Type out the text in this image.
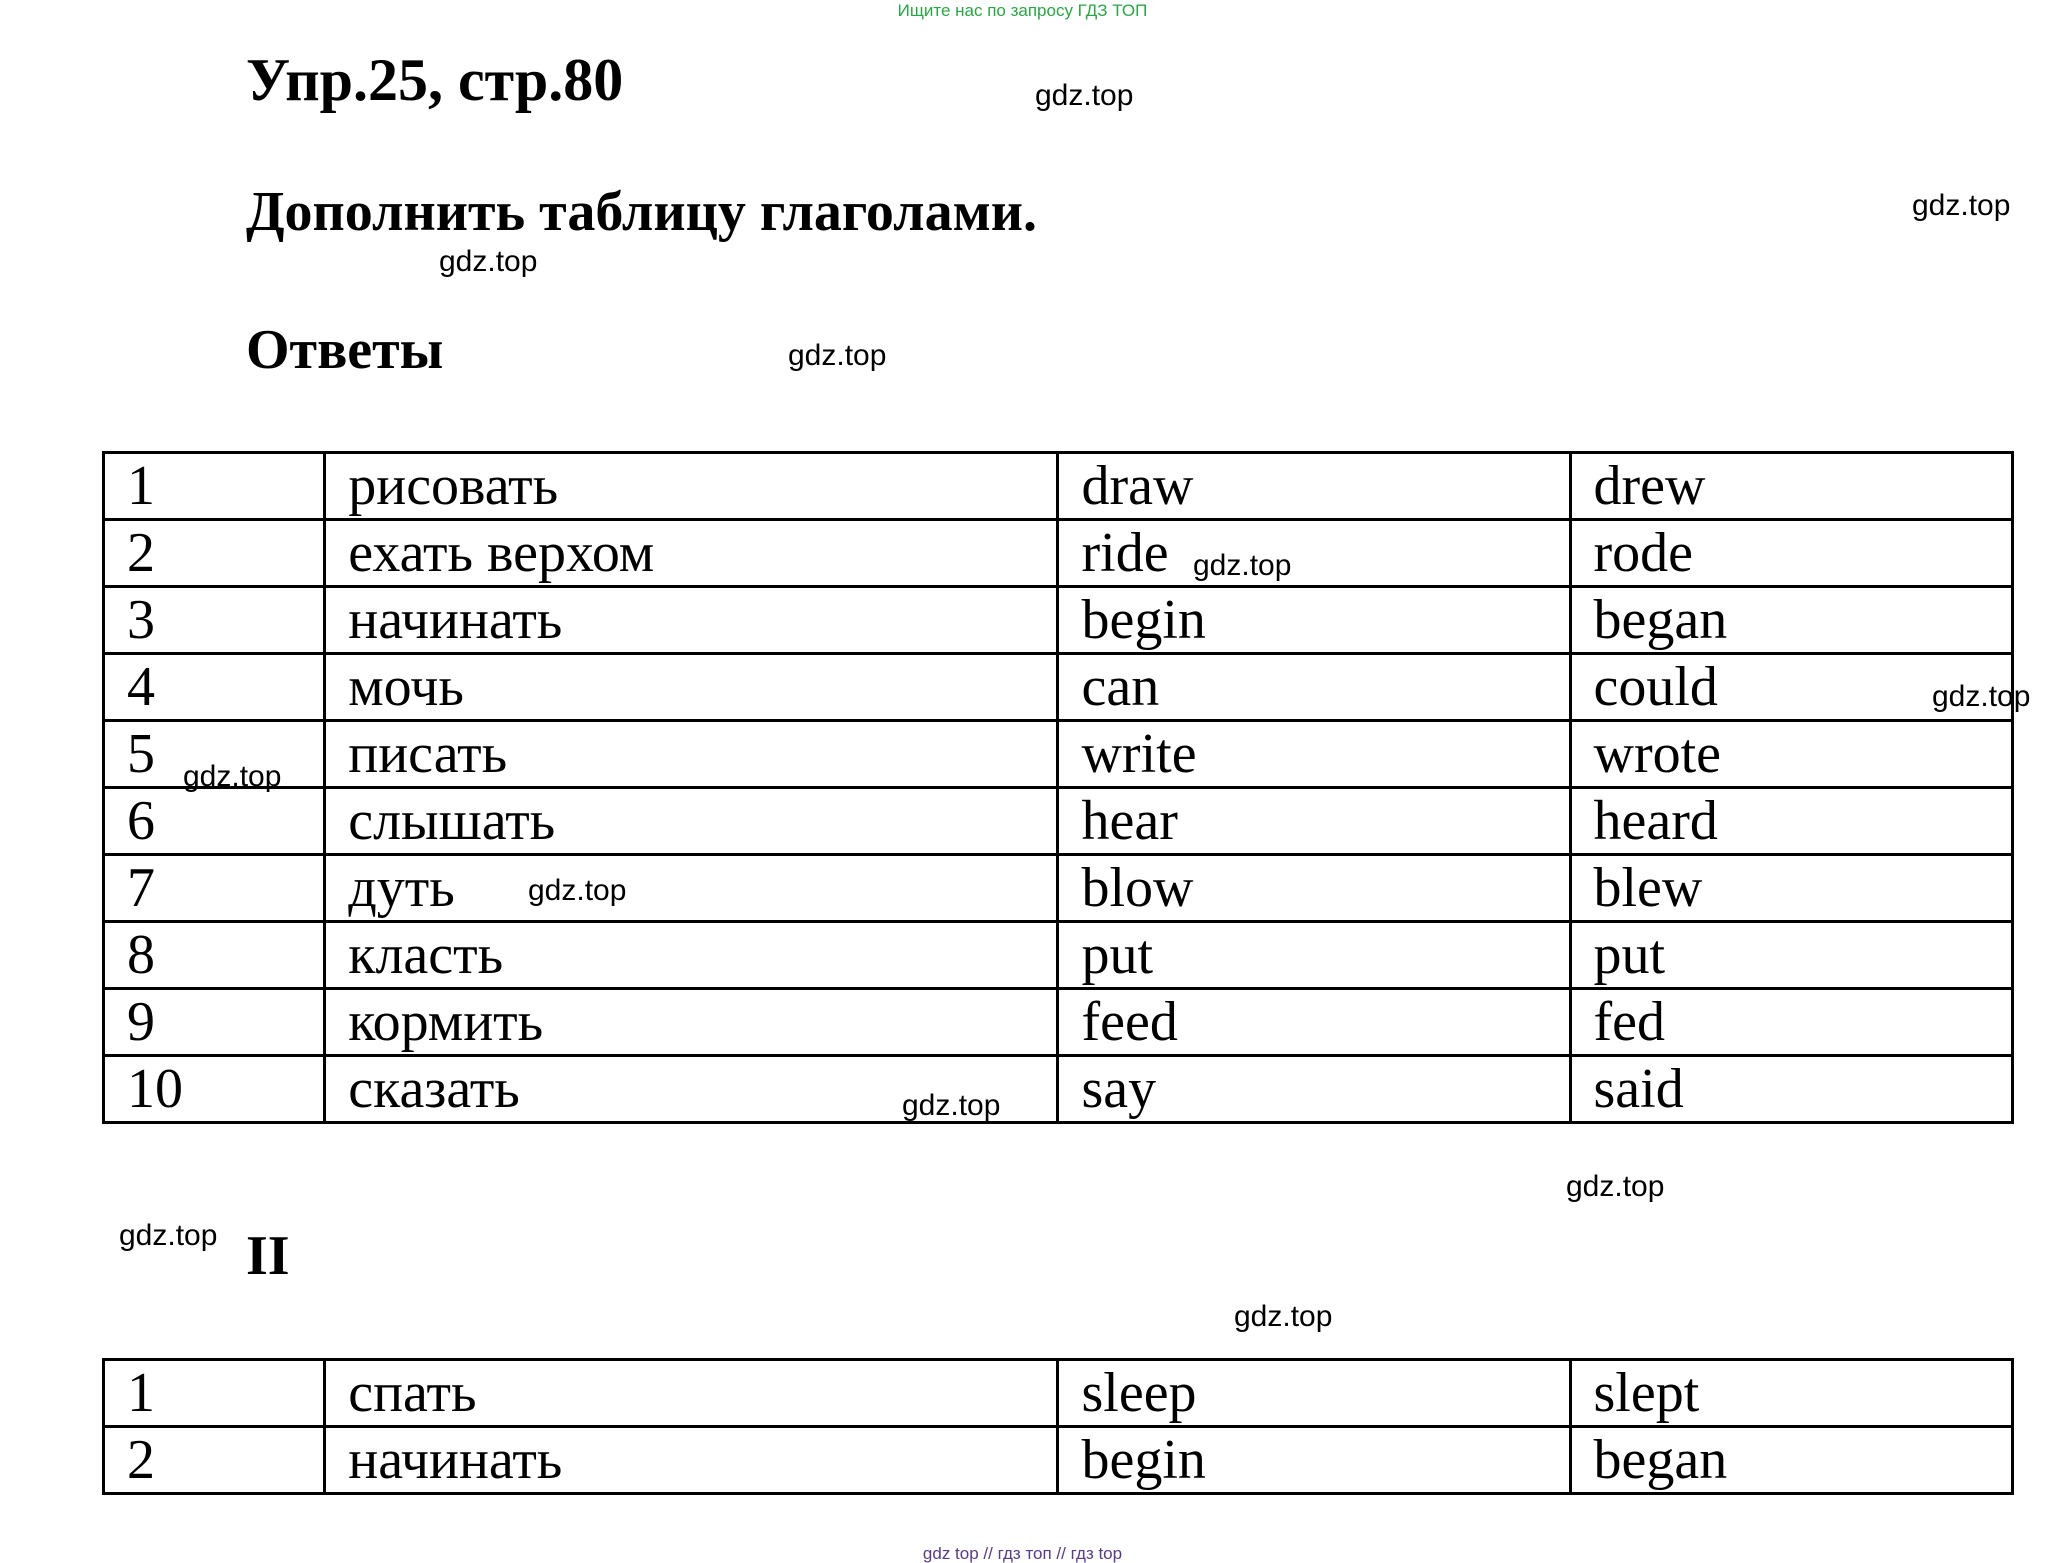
Ищите нас по запросу ГДЗ ТОП
Упр.25, стр.80
Дополнить таблицу глаголами.
Ответы
II
gdz.top
gdz.top
gdz.top
gdz.top
gdz.top
gdz.top
gdz.top
gdz.top
gdz.top
gdz.top
gdz.top
gdz.top
1	рисовать	draw	drew
2	ехать верхом	ride	rode
3	начинать	begin	began
4	мочь	can	could
5	писать	write	wrote
6	слышать	hear	heard
7	дуть	blow	blew
8	класть	put	put
9	кормить	feed	fed
10	сказать	say	said
1	спать	sleep	slept
2	начинать	begin	began
gdz top // гдз топ // гдз top
